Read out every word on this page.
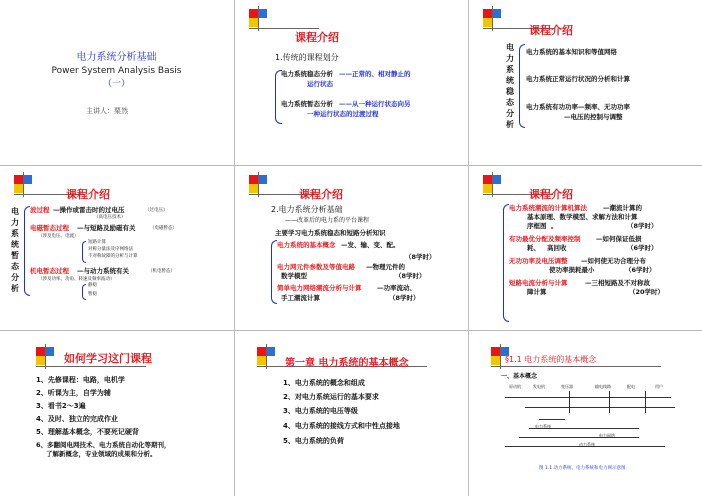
电力系统分析基础
Power System Analysis Basis
（一）
主讲人：栗然
课程介绍
1.传统的课程划分
电力系统稳态分析 ——正常的、相对静止的
运行状态
电力系统暂态分析 ——从一种运行状态向另
一种运行状态的过渡过程
课程介绍
电
力
系
统
稳
态
分
析
电力系统的基本知识和等值网络
电力系统正常运行状况的分析和计算
电力系统有功功率—频率、无功功率
—电压的控制与调整
课程介绍
电
力
系
统
暂
态
分
析
波过程 —操作或雷击时的过电压	（过电压）
（高电压技术）
电磁暂态过程 —与短路及励磁有关	（电磁暂态）
（涉及电压、电流）
短路计算
对称分量法及序网络法
不对称故障的分析与计算
机电暂态过程 —与动力系统有关	（机电暂态）
（涉及功率、功角、转速及频率波动）
静稳
暂稳
课程介绍
2.电力系统分析基础
——改革后的电力系的平台课程
主要学习电力系统稳态和短路分析知识
电力系统的基本概念 —发、输、变、配。
（8学时）
电力网元件参数及等值电路 —物理元件的
数学模型	（8学时）
简单电力网络潮流分析与计算 —功率流动、
手工潮流计算	（8学时）
课程介绍
电力系统潮流的计算机算法 —潮流计算的
基本原理、数学模型、求解方法和计算
序框图 。	（8学时）
有功最优分配及频率控制 —如何保证低损
耗、 高回收	（6学时）
无功功率及电压调整 —如何使无功合理分布
使功率损耗最小	（6学时）
短路电流分析与计算	—三相短路及不对称故
障计算	（20学时）
如何学习这门课程
1、先修课程：电路，电机学
2、听课为主，自学为辅
3、看书2～3遍
4、及时、独立的完成作业
5、理解基本概念，不要死记硬背
6、多翻阅电网技术、电力系统自动化等期刊，
了解新概念，专业领域的成果和分析。
第一章 电力系统的基本概念
1、电力系统的概念和组成
2、对电力系统运行的基本要求
3、电力系统的电压等级
4、电力系统的接线方式和中性点接地
5、电力系统的负荷
§1.1 电力系统的基本概念
一、基本概念
原动机	发电机	变压器	输电线路	配电	用户
电力系统
电力网络
动力系统
图 1.1 动力系统、电力系统和电力网示意图
